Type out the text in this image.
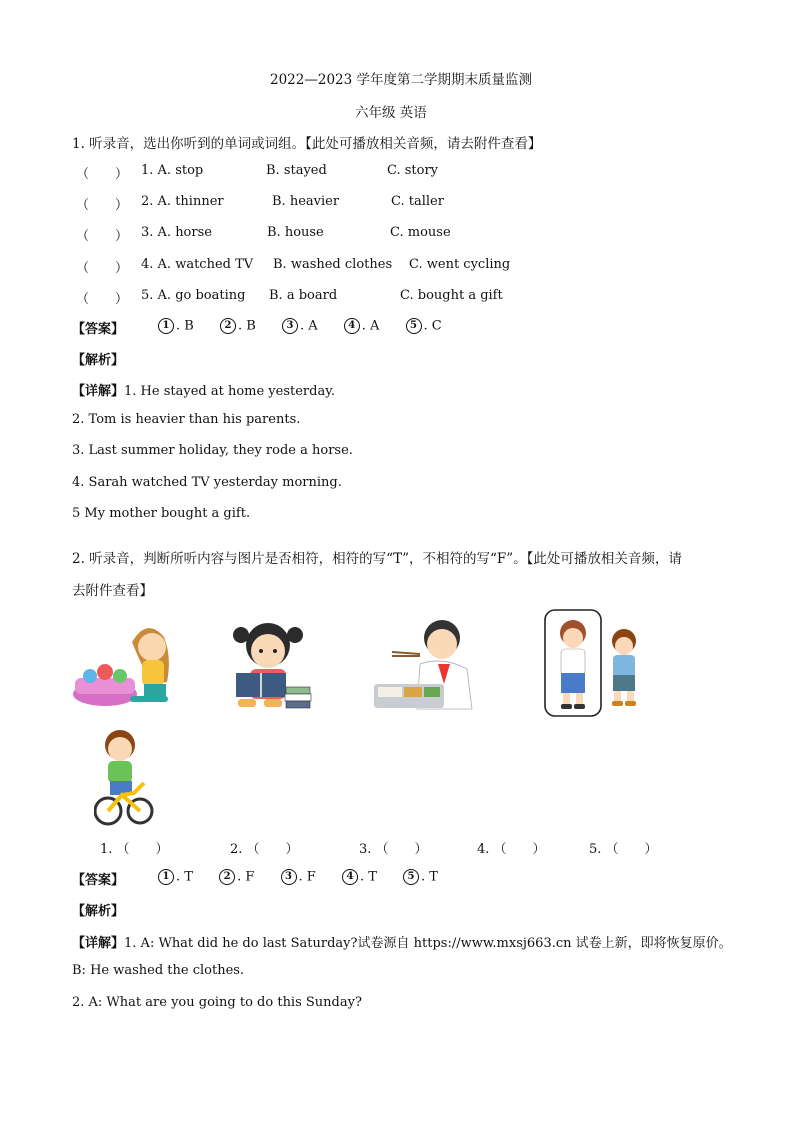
2022—2023 学年度第二学期期末质量监测
六年级 英语
1. 听录音，选出你听到的单词或词组。【此处可播放相关音频，请去附件查看】
（　　） 1. A. stop	B. stayed	C. story
（　　） 2. A. thinner	B. heavier	C. taller
（　　） 3. A. horse	B. house	C. mouse
（　　） 4. A. watched TV B. washed clothes C. went cycling
（　　） 5. A. go boating B. a board	C. bought a gift
【答案】	1 . B	2 . B	3 . A	4 . A	5 . C
【解析】
【详解】1. He stayed at home yesterday.
2. Tom is heavier than his parents.
3. Last summer holiday, they rode a horse.
4. Sarah watched TV yesterday morning.
5 My mother bought a gift.
2. 听录音，判断所听内容与图片是否相符，相符的写“T”，不相符的写“F”。【此处可播放相关音频，请
去附件查看】
1. （　　）	2. （　　）	3. （　　）	4. （　　）	5. （　　）
【答案】	1 . T	2 . F	3 . F	4 . T	5 . T
【解析】
【详解】1. A: What did he do last Saturday?试卷源自 https://www.mxsj663.cn 试卷上新，即将恢复原价。
B: He washed the clothes.
2. A: What are you going to do this Sunday?
